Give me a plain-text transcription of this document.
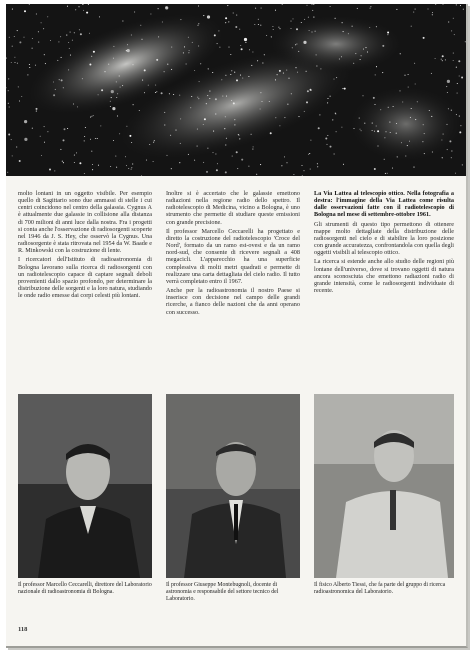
molto lontani in un oggetto visibile. Per esempio quello di Sagittario sono due ammassi di stelle i cui centri coincidono nel centro della galassia. Cygnus A è attualmente due galassie in collisione alla distanza di 700 milioni di anni luce dalla nostra. Fra i progetti si conta anche l'osservazione di radiosorgenti scoperte nel 1946 da J. S. Hey, che osservò la Cygnus. Una radiosorgente è stata ritrovata nel 1954 da W. Baade e R. Minkowski con la costruzione di lente.

I ricercatori dell'Istituto di radioastronomia di Bologna lavorano sulla ricerca di radiosorgenti con un radiotelescopio capace di captare segnali deboli provenienti dallo spazio profondo, per determinare la distribuzione delle sorgenti e la loro natura, studiando le onde radio emesse dai corpi celesti più lontani.

Inoltre si è accertato che le galassie emettono radiazioni nella regione radio dello spettro. Il radiotelescopio di Medicina, vicino a Bologna, è uno strumento che permette di studiare queste emissioni con grande precisione.

Il professor Marcello Ceccarelli ha progettato e diretto la costruzione del radiotelescopio 'Croce del Nord', formato da un ramo est-ovest e da un ramo nord-sud, che consente di ricevere segnali a 408 megacicli. L'apparecchio ha una superficie complessiva di molti metri quadrati e permette di realizzare una carta dettagliata del cielo radio. Il tutto verrà completato entro il 1967.

Anche per la radioastronomia il nostro Paese si inserisce con decisione nel campo delle grandi ricerche, a fianco delle nazioni che da anni operano con successo.

La Via Lattea al telescopio ottico. Nella fotografia a destra: l'immagine della Via Lattea come risulta dalle osservazioni fatte con il radiotelescopio di Bologna nel mese di settembre-ottobre 1961.

Gli strumenti di questo tipo permettono di ottenere mappe molto dettagliate della distribuzione delle radiosorgenti nel cielo e di stabilire la loro posizione con grande accuratezza, confrontandola con quella degli oggetti visibili al telescopio ottico.

La ricerca si estende anche allo studio delle regioni più lontane dell'universo, dove si trovano oggetti di natura ancora sconosciuta che emettono radiazioni radio di grande intensità, come le radiosorgenti individuate di recente.

Il professor Marcello Ceccarelli, direttore del Laboratorio nazionale di radioastronomia di Bologna.
Il professor Giuseppe Montebugnoli, docente di astronomia e responsabile del settore tecnico del Laboratorio.
Il fisico Alberto Tiessi, che fa parte del gruppo di ricerca radioastronomica del Laboratorio.
118
